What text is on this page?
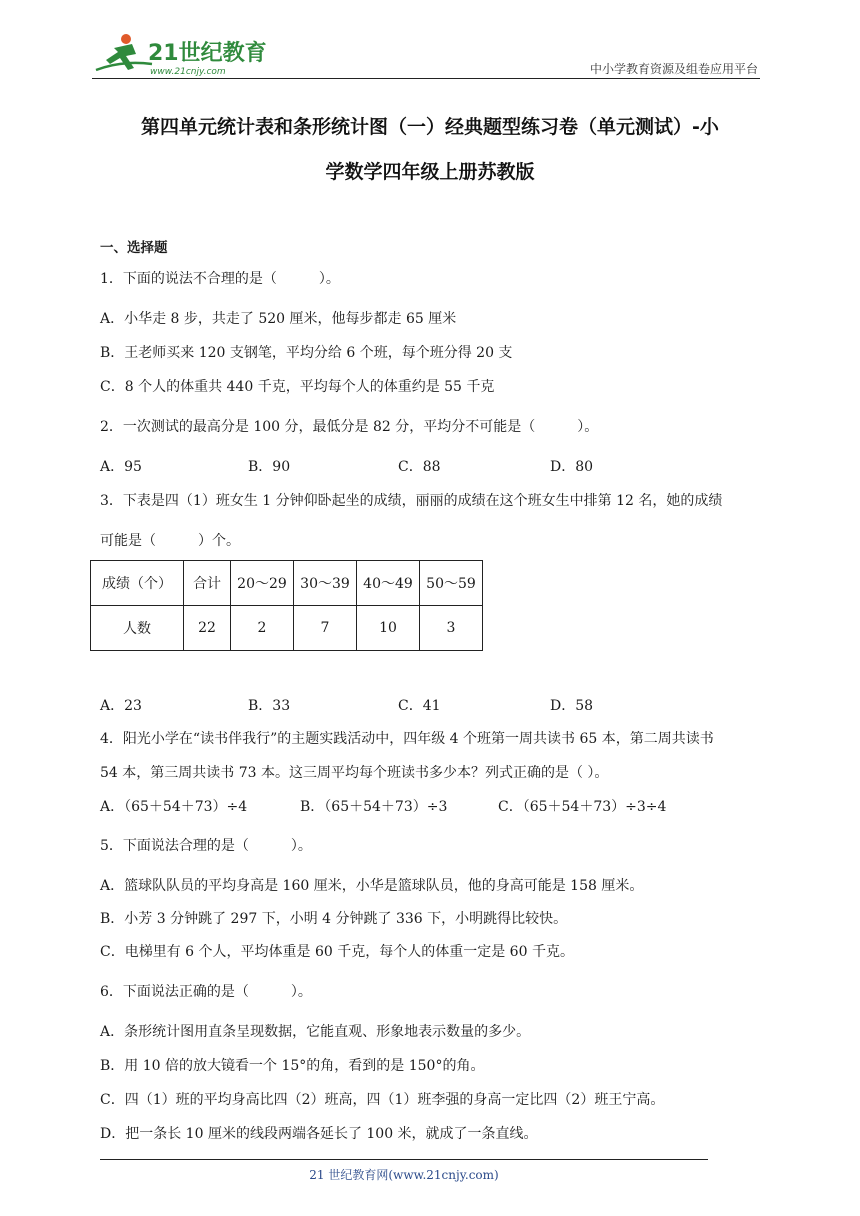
21世纪教育
www.21cnjy.com	中小学教育资源及组卷应用平台
第四单元统计表和条形统计图（一）经典题型练习卷（单元测试）-小
学数学四年级上册苏教版
一、选择题
1．下面的说法不合理的是（　　　）。
A．小华走 8 步，共走了 520 厘米，他每步都走 65 厘米
B．王老师买来 120 支钢笔，平均分给 6 个班，每个班分得 20 支
C．8 个人的体重共 440 千克，平均每个人的体重约是 55 千克
2．一次测试的最高分是 100 分，最低分是 82 分，平均分不可能是（　　　）。
A．95	B．90	C．88	D．80
3．下表是四（1）班女生 1 分钟仰卧起坐的成绩，丽丽的成绩在这个班女生中排第 12 名，她的成绩
可能是（　　　）个。
成绩（个）	合计	20～29	30～39	40～49	50～59
人数	22	2	7	10	3
A．23	B．33	C．41	D．58
4．阳光小学在“读书伴我行”的主题实践活动中，四年级 4 个班第一周共读书 65 本，第二周共读书
54 本，第三周共读书 73 本。这三周平均每个班读书多少本？列式正确的是（ ）。
A．（65＋54＋73）÷4	B．（65＋54＋73）÷3	C．（65＋54＋73）÷3÷4
5．下面说法合理的是（　　　）。
A．篮球队队员的平均身高是 160 厘米，小华是篮球队员，他的身高可能是 158 厘米。
B．小芳 3 分钟跳了 297 下，小明 4 分钟跳了 336 下，小明跳得比较快。
C．电梯里有 6 个人，平均体重是 60 千克，每个人的体重一定是 60 千克。
6．下面说法正确的是（　　　）。
A．条形统计图用直条呈现数据，它能直观、形象地表示数量的多少。
B．用 10 倍的放大镜看一个 15°的角，看到的是 150°的角。
C．四（1）班的平均身高比四（2）班高，四（1）班李强的身高一定比四（2）班王宁高。
D．把一条长 10 厘米的线段两端各延长了 100 米，就成了一条直线。
21 世纪教育网(www.21cnjy.com)
